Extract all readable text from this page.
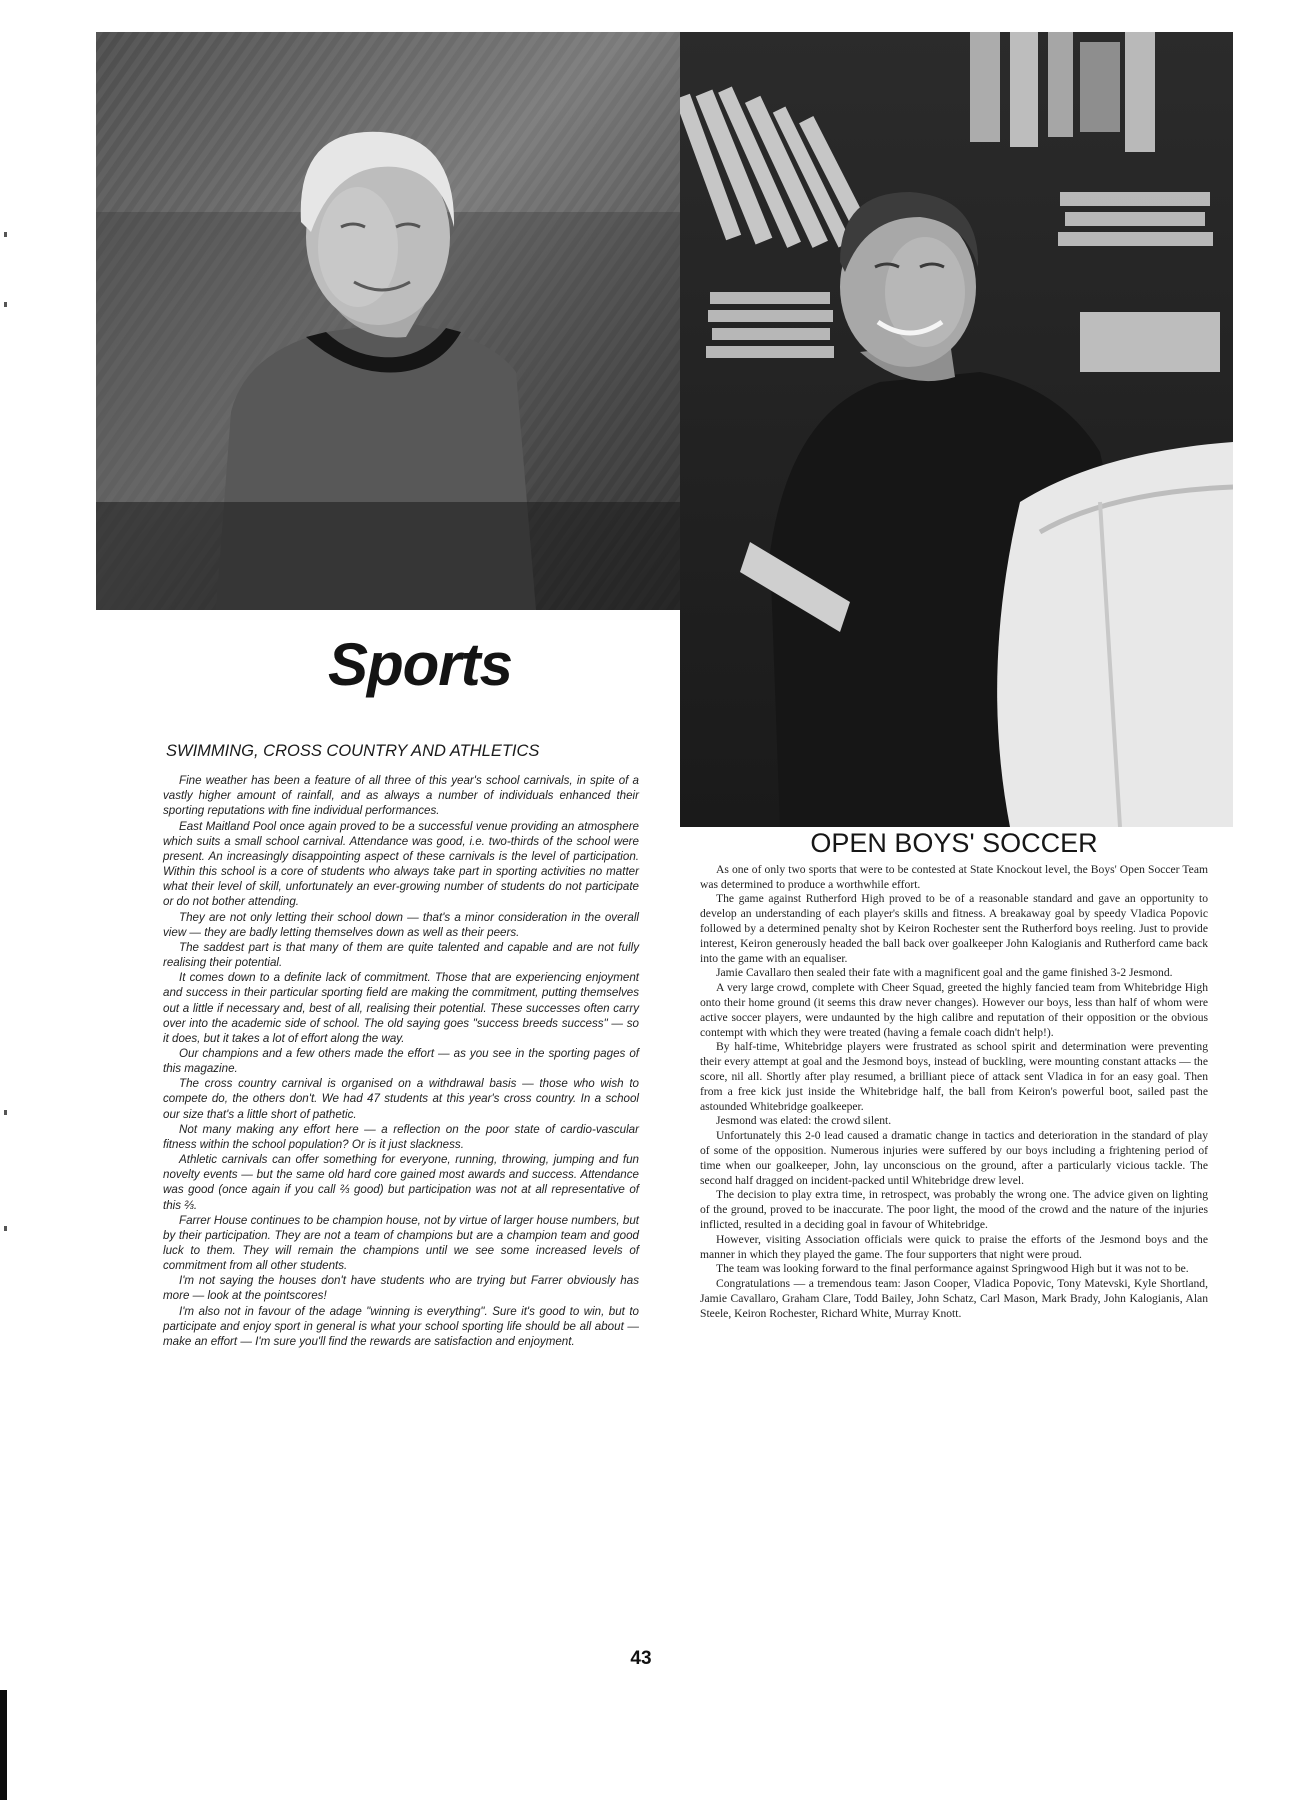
Sports
SWIMMING, CROSS COUNTRY AND ATHLETICS

Fine weather has been a feature of all three of this year's school carnivals, in spite of a vastly higher amount of rainfall, and as always a number of individuals enhanced their sporting reputations with fine individual performances.

East Maitland Pool once again proved to be a successful venue providing an atmosphere which suits a small school carnival. Attendance was good, i.e. two-thirds of the school were present. An increasingly disappointing aspect of these carnivals is the level of participation. Within this school is a core of students who always take part in sporting activities no matter what their level of skill, unfortunately an ever-growing number of students do not participate or do not bother attending.

They are not only letting their school down — that's a minor consideration in the overall view — they are badly letting themselves down as well as their peers.

The saddest part is that many of them are quite talented and capable and are not fully realising their potential.

It comes down to a definite lack of commitment. Those that are experiencing enjoyment and success in their particular sporting field are making the commitment, putting themselves out a little if necessary and, best of all, realising their potential. These successes often carry over into the academic side of school. The old saying goes "success breeds success" — so it does, but it takes a lot of effort along the way.

Our champions and a few others made the effort — as you see in the sporting pages of this magazine.

The cross country carnival is organised on a withdrawal basis — those who wish to compete do, the others don't. We had 47 students at this year's cross country. In a school our size that's a little short of pathetic.

Not many making any effort here — a reflection on the poor state of cardio-vascular fitness within the school population? Or is it just slackness.

Athletic carnivals can offer something for everyone, running, throwing, jumping and fun novelty events — but the same old hard core gained most awards and success. Attendance was good (once again if you call ⅔ good) but participation was not at all representative of this ⅔.

Farrer House continues to be champion house, not by virtue of larger house numbers, but by their participation. They are not a team of champions but are a champion team and good luck to them. They will remain the champions until we see some increased levels of commitment from all other students.

I'm not saying the houses don't have students who are trying but Farrer obviously has more — look at the pointscores!

I'm also not in favour of the adage "winning is everything". Sure it's good to win, but to participate and enjoy sport in general is what your school sporting life should be all about — make an effort — I'm sure you'll find the rewards are satisfaction and enjoyment.

OPEN BOYS' SOCCER

As one of only two sports that were to be contested at State Knockout level, the Boys' Open Soccer Team was determined to produce a worthwhile effort.

The game against Rutherford High proved to be of a reasonable standard and gave an opportunity to develop an understanding of each player's skills and fitness. A breakaway goal by speedy Vladica Popovic followed by a determined penalty shot by Keiron Rochester sent the Rutherford boys reeling. Just to provide interest, Keiron generously headed the ball back over goalkeeper John Kalogianis and Rutherford came back into the game with an equaliser.

Jamie Cavallaro then sealed their fate with a magnificent goal and the game finished 3-2 Jesmond.

A very large crowd, complete with Cheer Squad, greeted the highly fancied team from Whitebridge High onto their home ground (it seems this draw never changes). However our boys, less than half of whom were active soccer players, were undaunted by the high calibre and reputation of their opposition or the obvious contempt with which they were treated (having a female coach didn't help!).

By half-time, Whitebridge players were frustrated as school spirit and determination were preventing their every attempt at goal and the Jesmond boys, instead of buckling, were mounting constant attacks — the score, nil all. Shortly after play resumed, a brilliant piece of attack sent Vladica in for an easy goal. Then from a free kick just inside the Whitebridge half, the ball from Keiron's powerful boot, sailed past the astounded Whitebridge goalkeeper.

Jesmond was elated: the crowd silent.

Unfortunately this 2-0 lead caused a dramatic change in tactics and deterioration in the standard of play of some of the opposition. Numerous injuries were suffered by our boys including a frightening period of time when our goalkeeper, John, lay unconscious on the ground, after a particularly vicious tackle. The second half dragged on incident-packed until Whitebridge drew level.

The decision to play extra time, in retrospect, was probably the wrong one. The advice given on lighting of the ground, proved to be inaccurate. The poor light, the mood of the crowd and the nature of the injuries inflicted, resulted in a deciding goal in favour of Whitebridge.

However, visiting Association officials were quick to praise the efforts of the Jesmond boys and the manner in which they played the game. The four supporters that night were proud.

The team was looking forward to the final performance against Springwood High but it was not to be.

Congratulations — a tremendous team: Jason Cooper, Vladica Popovic, Tony Matevski, Kyle Shortland, Jamie Cavallaro, Graham Clare, Todd Bailey, John Schatz, Carl Mason, Mark Brady, John Kalogianis, Alan Steele, Keiron Rochester, Richard White, Murray Knott.

43
